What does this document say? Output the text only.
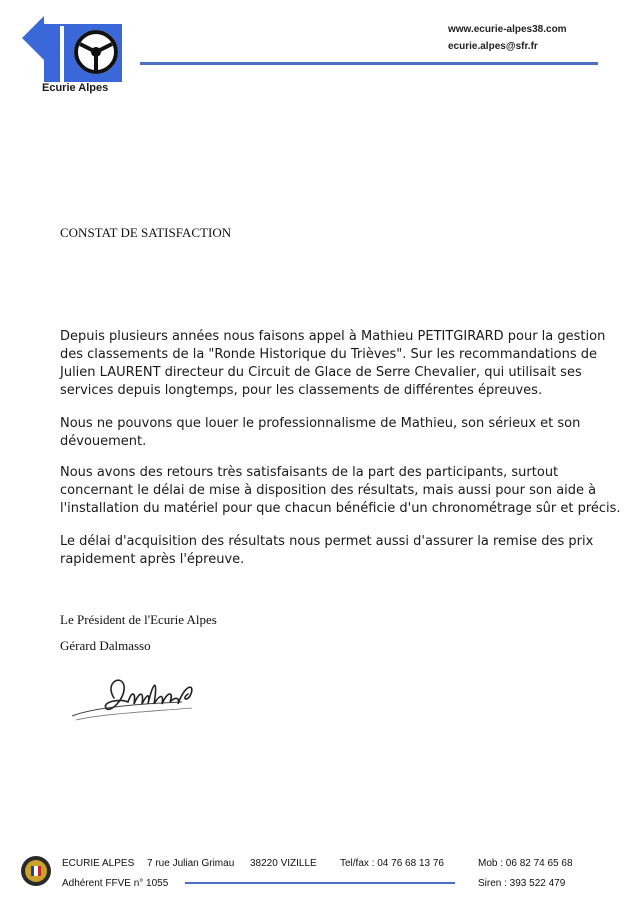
Ecurie Alpes
www.ecurie-alpes38.com
ecurie.alpes@sfr.fr
CONSTAT DE SATISFACTION
Depuis plusieurs années nous faisons appel à Mathieu PETITGIRARD pour la gestion
des classements de la "Ronde Historique du Trièves". Sur les recommandations de
Julien LAURENT directeur du Circuit de Glace de Serre Chevalier, qui utilisait ses
services depuis longtemps, pour les classements de différentes épreuves.
Nous ne pouvons que louer le professionnalisme de Mathieu, son sérieux et son
dévouement.
Nous avons des retours très satisfaisants de la part des participants, surtout
concernant le délai de mise à disposition des résultats, mais aussi pour son aide à
l'installation du matériel pour que chacun bénéficie d'un chronométrage sûr et précis.
Le délai d'acquisition des résultats nous permet aussi d'assurer la remise des prix
rapidement après l'épreuve.
Le Président de l'Ecurie Alpes
Gérard Dalmasso
ECURIE ALPES 7 rue Julian Grimau 38220 VIZILLE Tel/fax : 04 76 68 13 76	Mob : 06 82 74 65 68
Adhérent FFVE n° 1055	Siren : 393 522 479
